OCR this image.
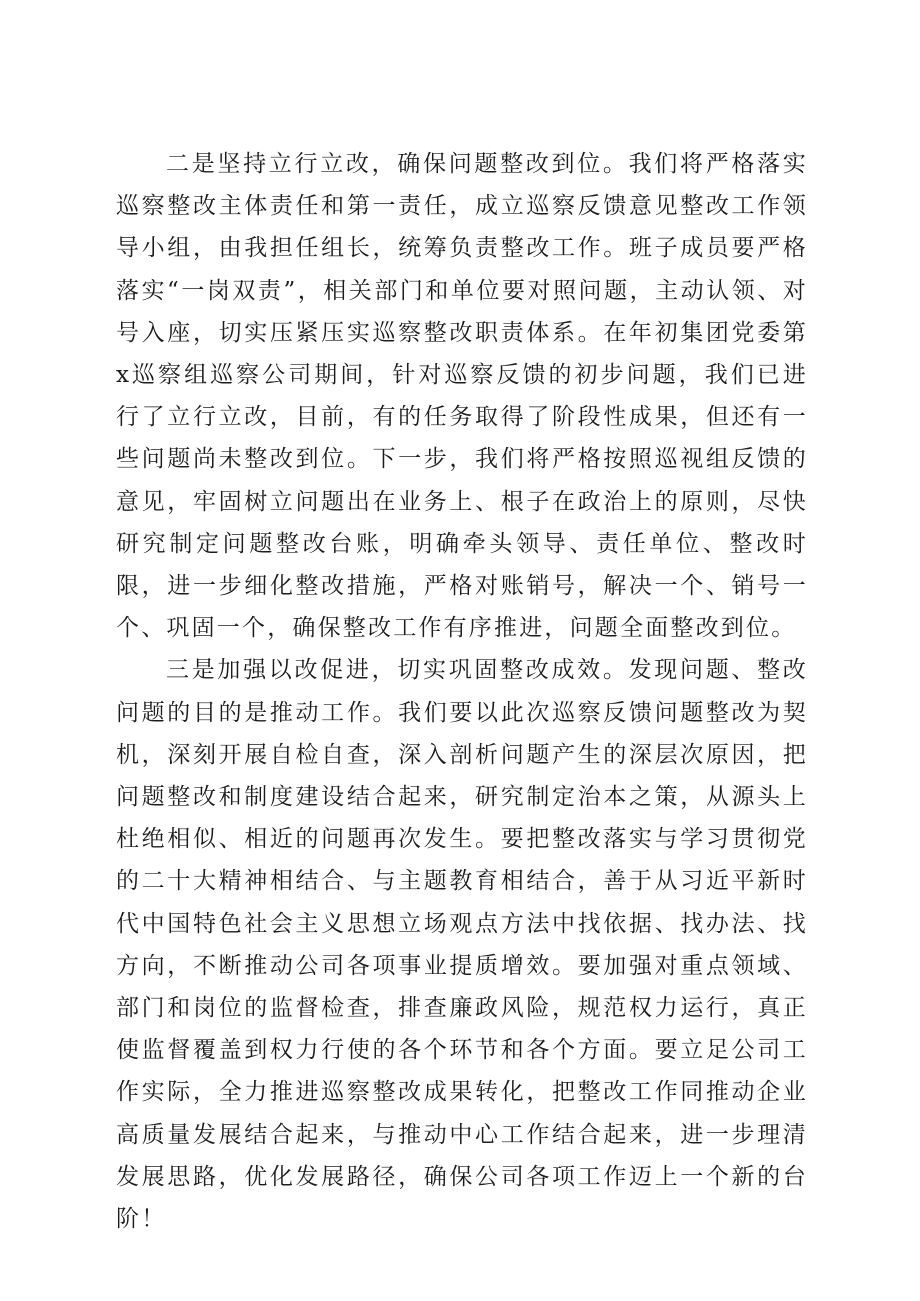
二是坚持立行立改，确保问题整改到位。我们将严格落实巡察整改主体责任和第一责任，成立巡察反馈意见整改工作领导小组，由我担任组长，统筹负责整改工作。班子成员要严格落实“一岗双责”，相关部门和单位要对照问题，主动认领、对号入座，切实压紧压实巡察整改职责体系。在年初集团党委第x巡察组巡察公司期间，针对巡察反馈的初步问题，我们已进行了立行立改，目前，有的任务取得了阶段性成果，但还有一些问题尚未整改到位。下一步，我们将严格按照巡视组反馈的意见，牢固树立问题出在业务上、根子在政治上的原则，尽快研究制定问题整改台账，明确牵头领导、责任单位、整改时限，进一步细化整改措施，严格对账销号，解决一个、销号一个、巩固一个，确保整改工作有序推进，问题全面整改到位。

三是加强以改促进，切实巩固整改成效。发现问题、整改问题的目的是推动工作。我们要以此次巡察反馈问题整改为契机，深刻开展自检自查，深入剖析问题产生的深层次原因，把问题整改和制度建设结合起来，研究制定治本之策，从源头上杜绝相似、相近的问题再次发生。要把整改落实与学习贯彻党的二十大精神相结合、与主题教育相结合，善于从习近平新时代中国特色社会主义思想立场观点方法中找依据、找办法、找方向，不断推动公司各项事业提质增效。要加强对重点领域、部门和岗位的监督检查，排查廉政风险，规范权力运行，真正使监督覆盖到权力行使的各个环节和各个方面。要立足公司工作实际，全力推进巡察整改成果转化，把整改工作同推动企业高质量发展结合起来，与推动中心工作结合起来，进一步理清发展思路，优化发展路径，确保公司各项工作迈上一个新的台阶！
